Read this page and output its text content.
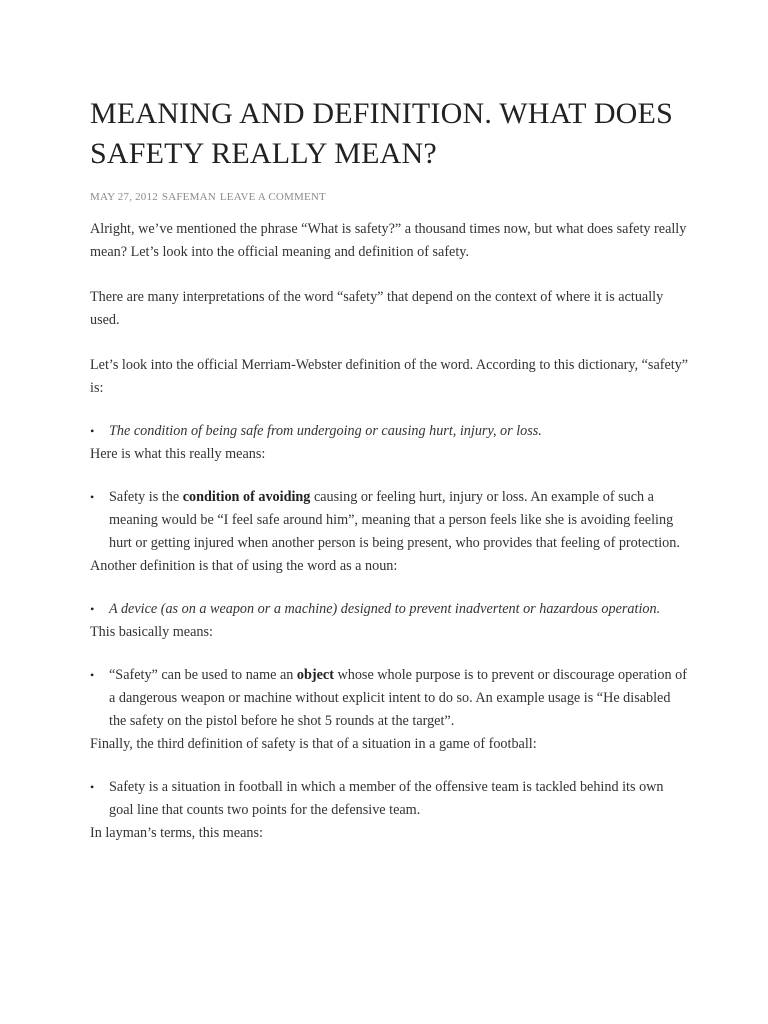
MEANING AND DEFINITION. WHAT DOES SAFETY REALLY MEAN?
MAY 27, 2012 SAFEMAN LEAVE A COMMENT

Alright, we’ve mentioned the phrase “What is safety?” a thousand times now, but what does safety really mean? Let’s look into the official meaning and definition of safety.

There are many interpretations of the word “safety” that depend on the context of where it is actually used.

Let’s look into the official Merriam-Webster definition of the word. According to this dictionary, “safety” is:

• The condition of being safe from undergoing or causing hurt, injury, or loss.

Here is what this really means:

• Safety is the condition of avoiding causing or feeling hurt, injury or loss. An example of such a meaning would be “I feel safe around him”, meaning that a person feels like she is avoiding feeling hurt or getting injured when another person is being present, who provides that feeling of protection.

Another definition is that of using the word as a noun:

• A device (as on a weapon or a machine) designed to prevent inadvertent or hazardous operation.

This basically means:

• “Safety” can be used to name an object whose whole purpose is to prevent or discourage operation of a dangerous weapon or machine without explicit intent to do so. An example usage is “He disabled the safety on the pistol before he shot 5 rounds at the target”.

Finally, the third definition of safety is that of a situation in a game of football:

• Safety is a situation in football in which a member of the offensive team is tackled behind its own goal line that counts two points for the defensive team.

In layman’s terms, this means:
